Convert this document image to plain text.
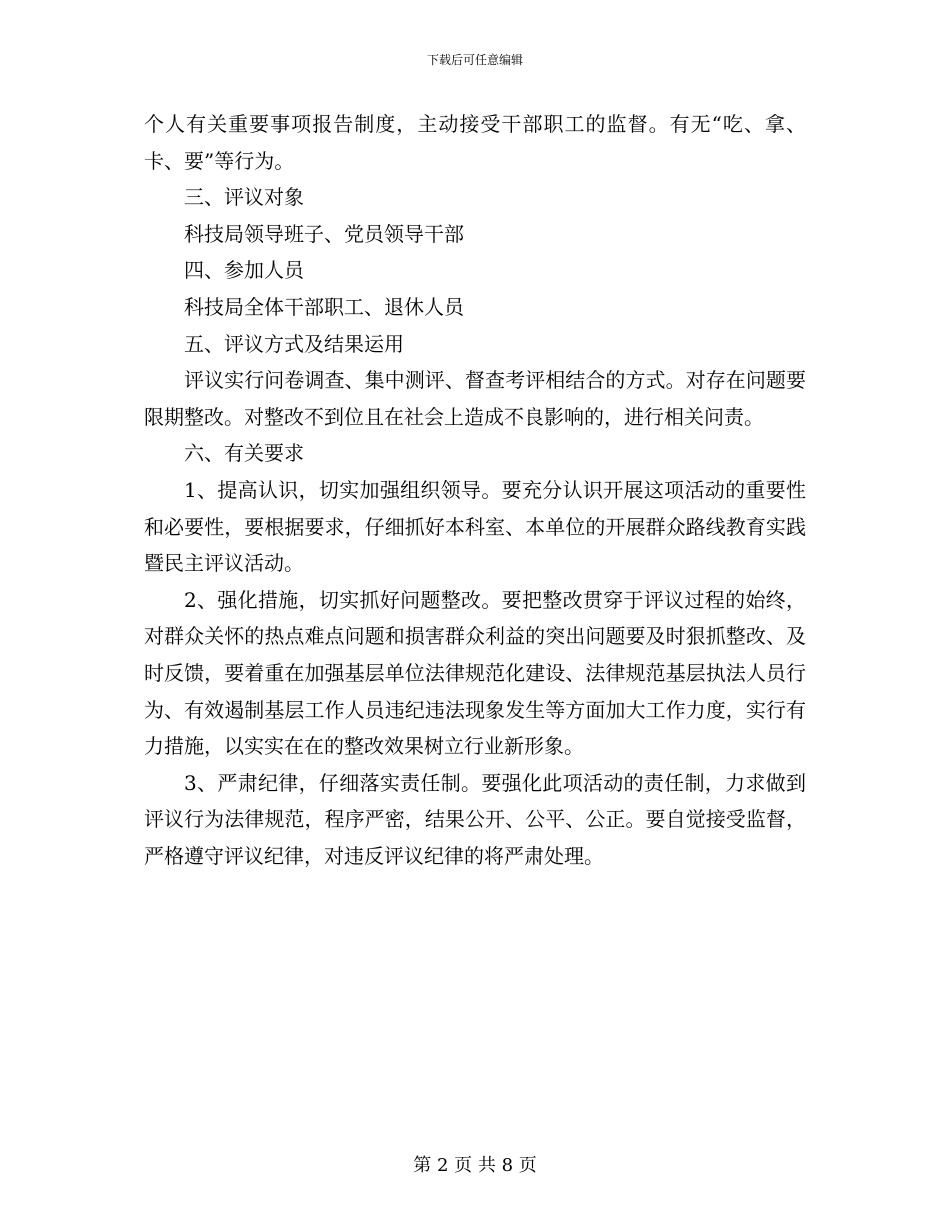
下载后可任意编辑

个人有关重要事项报告制度，主动接受干部职工的监督。有无“吃、拿、卡、要”等行为。

三、评议对象

科技局领导班子、党员领导干部

四、参加人员

科技局全体干部职工、退休人员

五、评议方式及结果运用

评议实行问卷调查、集中测评、督查考评相结合的方式。对存在问题要限期整改。对整改不到位且在社会上造成不良影响的，进行相关问责。

六、有关要求

1、提高认识，切实加强组织领导。要充分认识开展这项活动的重要性和必要性，要根据要求，仔细抓好本科室、本单位的开展群众路线教育实践暨民主评议活动。

2、强化措施，切实抓好问题整改。要把整改贯穿于评议过程的始终，对群众关怀的热点难点问题和损害群众利益的突出问题要及时狠抓整改、及时反馈，要着重在加强基层单位法律规范化建设、法律规范基层执法人员行为、有效遏制基层工作人员违纪违法现象发生等方面加大工作力度，实行有力措施，以实实在在的整改效果树立行业新形象。

3、严肃纪律，仔细落实责任制。要强化此项活动的责任制，力求做到评议行为法律规范，程序严密，结果公开、公平、公正。要自觉接受监督，严格遵守评议纪律，对违反评议纪律的将严肃处理。

第 2 页 共 8 页
